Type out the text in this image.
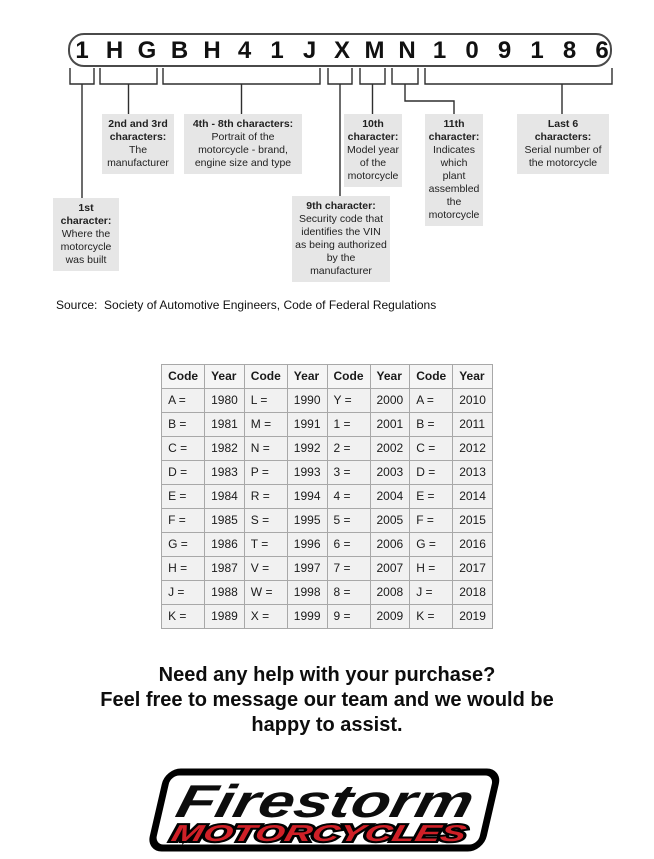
1 H G B H 4 1 J X M N 1 0 9 1 8 6
1st character:
Where the motorcycle was built
2nd and 3rd characters:
The manufacturer
4th - 8th characters:
Portrait of the motorcycle - brand, engine size and type
9th character:
Security code that identifies the VIN as being authorized by the manufacturer
10th character:
Model year of the motorcycle
11th character:
Indicates which plant assembled the motorcycle
Last 6 characters:
Serial number of the motorcycle
Source:  Society of Automotive Engineers, Code of Federal Regulations
Code	Year	Code	Year	Code	Year	Code	Year
A =	1980	L =	1990	Y =	2000	A =	2010
B =	1981	M =	1991	1 =	2001	B =	2011
C =	1982	N =	1992	2 =	2002	C =	2012
D =	1983	P =	1993	3 =	2003	D =	2013
E =	1984	R =	1994	4 =	2004	E =	2014
F =	1985	S =	1995	5 =	2005	F =	2015
G =	1986	T =	1996	6 =	2006	G =	2016
H =	1987	V =	1997	7 =	2007	H =	2017
J =	1988	W =	1998	8 =	2008	J =	2018
K =	1989	X =	1999	9 =	2009	K =	2019
Need any help with your purchase?
Feel free to message our team and we would be
happy to assist.
Firestorm
MOTORCYCLES
